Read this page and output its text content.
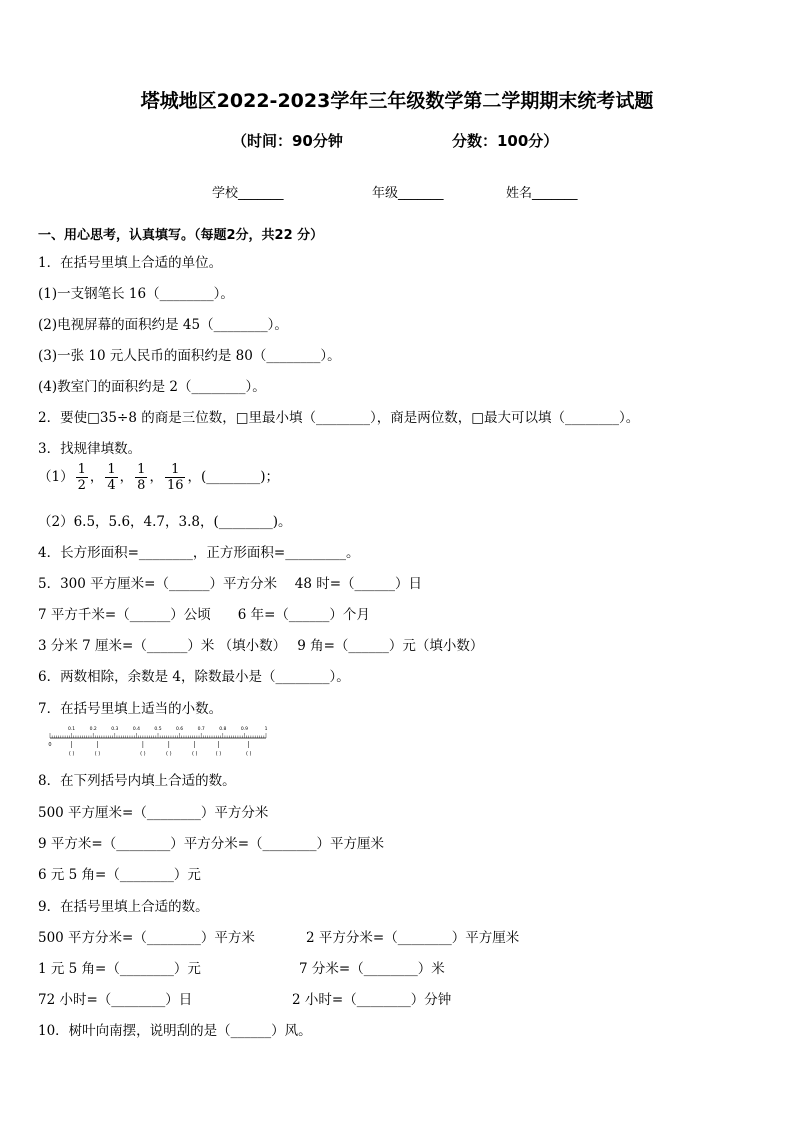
塔城地区2022-2023学年三年级数学第二学期期末统考试题
（时间：90分钟	分数：100分）
学校_______	年级_______	姓名_______
一、用心思考，认真填写。（每题2分，共22 分）
1．在括号里填上合适的单位。
(1)一支钢笔长 16（________）。
(2)电视屏幕的面积约是 45（________）。
(3)一张 10 元人民币的面积约是 80（________）。
(4)教室门的面积约是 2（________）。
2．要使□35÷8 的商是三位数，□里最小填（________），商是两位数，□最大可以填（________）。
3．找规律填数。
$(1) \frac{1}{2}$ ， $\frac{1}{4}$ ， $\frac{1}{8}$ ， $\frac{1}{16}$ ，(________)；
（2）6.5，5.6，4.7，3.8，(________)。
4．长方形面积=________，正方形面积=_________。
5．300 平方厘米=（______）平方分米　 48 时=（______）日
7 平方千米=（______）公顷　　6 年=（______）个月
3 分米 7 厘米=（______）米 （填小数）　 9 角=（______）元（填小数）
6．两数相除，余数是 4，除数最小是（________）。
7．在括号里填上适当的小数。
0
0.1	0.2	0.3	0.4	0.5	0.6	0.7	0.8	0.9	1
( )	( )	( )	( )	( )	( )	( )
8．在下列括号内填上合适的数。
500 平方厘米=（________）平方分米
9 平方米=（________）平方分米=（________）平方厘米
6 元 5 角=（________）元
9．在括号里填上合适的数。
500 平方分米=（________）平方米	2 平方分米=（________）平方厘米
1 元 5 角=（________）元	7 分米=（________）米
72 小时=（________）日	2 小时=（________）分钟
10．树叶向南摆，说明刮的是（______）风。
